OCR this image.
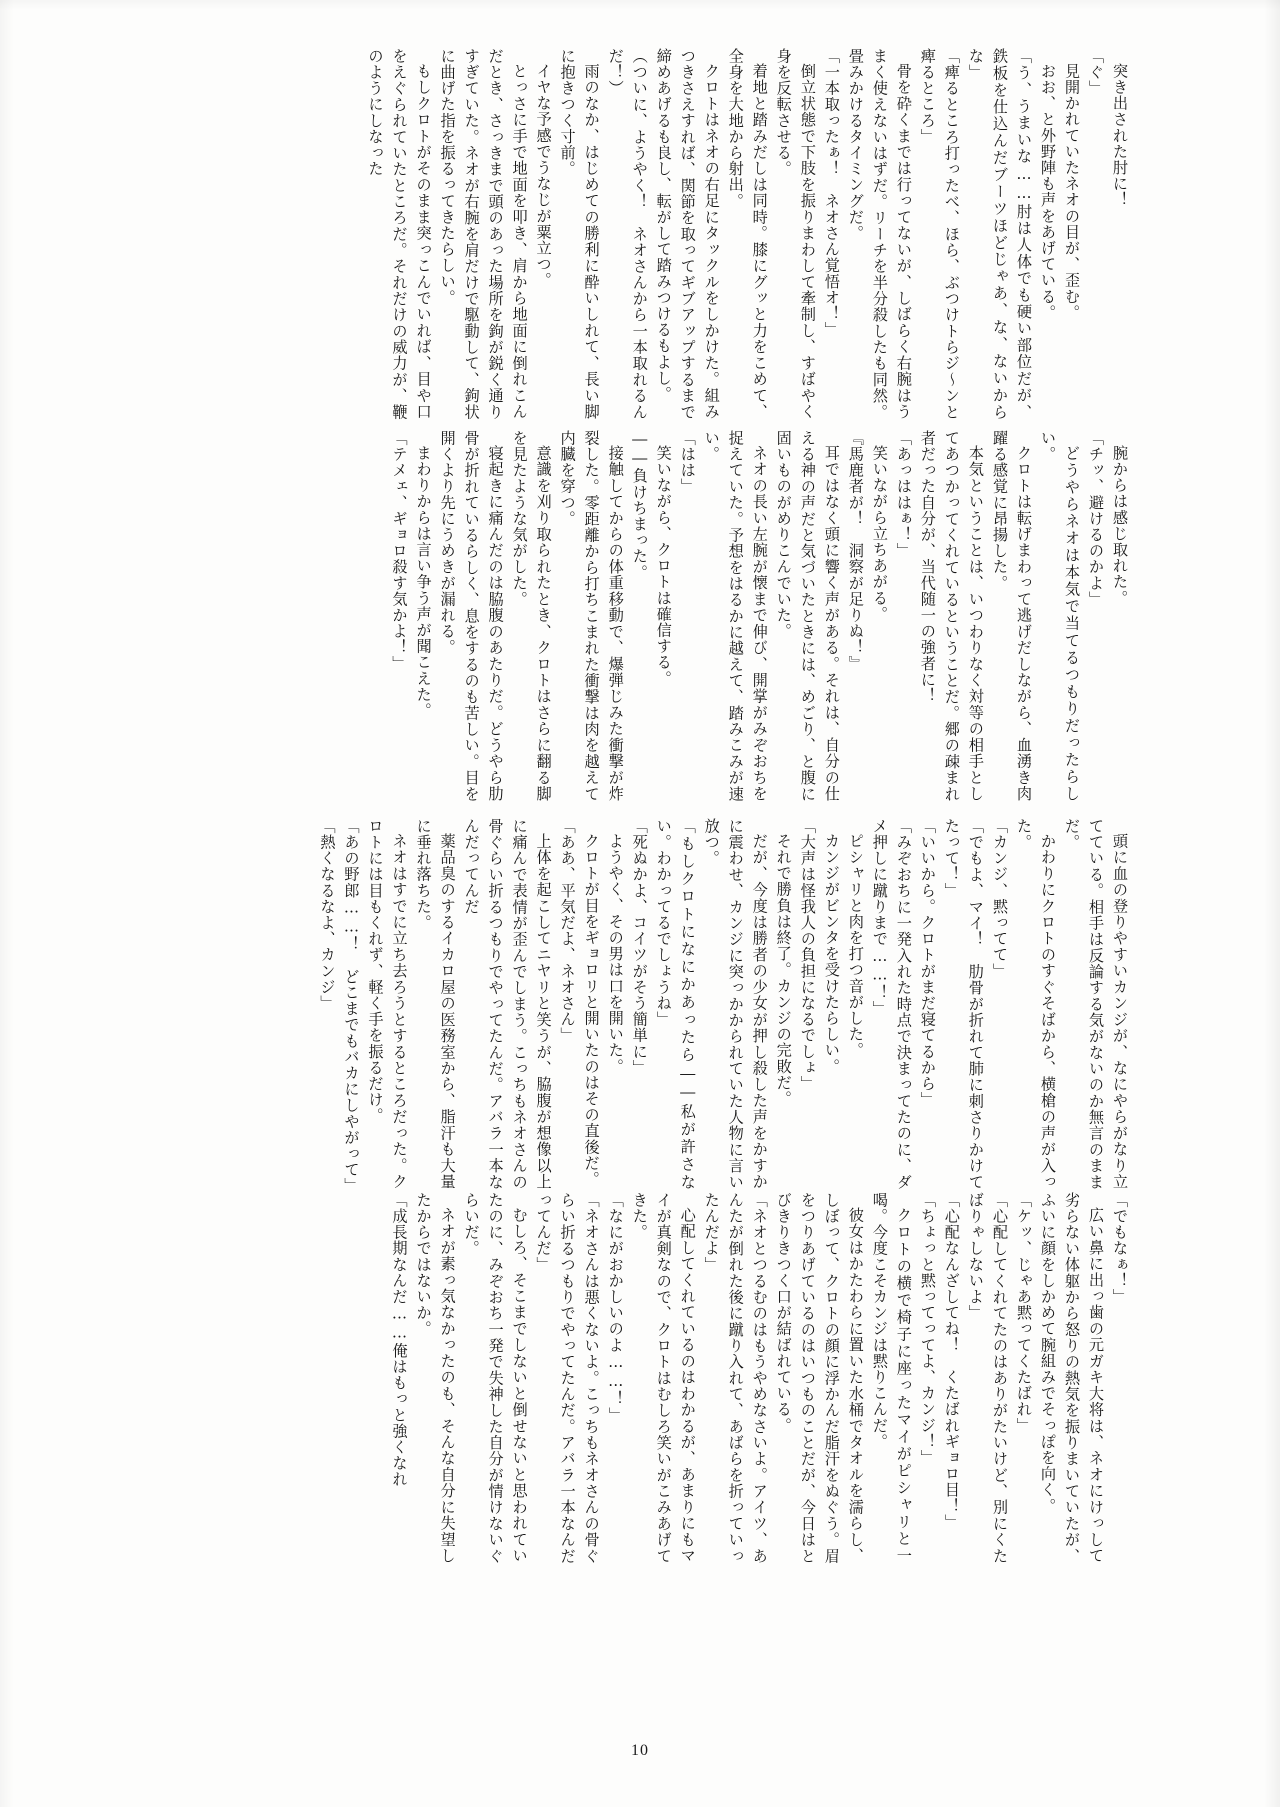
突き出された肘に！

「ぐ」

見開かれていたネオの目が、歪む。

おお、と外野陣も声をあげている。

「う、うまいな……肘は人体でも硬い部位だが、鉄板を仕込んだブーツほどじゃあ、な、ないからな」

「痺るところ打ったべ、ほら、ぶつけトらジ～ンと痺るところ」

骨を砕くまでは行ってないが、しばらく右腕はうまく使えないはずだ。リーチを半分殺したも同然。畳みかけるタイミングだ。

「一本取ったぁ！　ネオさん覚悟オ！」

倒立状態で下肢を振りまわして牽制し、すばやく身を反転させる。

着地と踏みだしは同時。膝にグッと力をこめて、全身を大地から射出。

クロトはネオの右足にタックルをしかけた。組みつきさえすれば、関節を取ってギブアップするまで締めあげるも良し、転がして踏みつけるもよし。

（ついに、ようやく！　ネオさんから一本取れるんだ！）

雨のなか、はじめての勝利に酔いしれて、長い脚に抱きつく寸前。

イヤな予感でうなじが粟立つ。

とっさに手で地面を叩き、肩から地面に倒れこんだとき、さっきまで頭のあった場所を鉤が鋭く通りすぎていた。ネオが右腕を肩だけで駆動して、鉤状に曲げた指を振るってきたらしい。

もしクロトがそのまま突っこんでいれば、目や口をえぐられていたところだ。それだけの威力が、鞭のようにしなった

腕からは感じ取れた。

「チッ、避けるのかよ」

どうやらネオは本気で当てるつもりだったらしい。

クロトは転げまわって逃げだしながら、血湧き肉躍る感覚に昂揚した。

本気ということは、いつわりなく対等の相手としてあつかってくれているということだ。郷の疎まれ者だった自分が、当代随一の強者に！

「あっははぁ！」

笑いながら立ちあがる。

『馬鹿者が！　洞察が足りぬ！』

耳ではなく頭に響く声がある。それは、自分の仕える神の声だと気づいたときには、めごり、と腹に固いものがめりこんでいた。

ネオの長い左腕が懐まで伸び、開掌がみぞおちを捉えていた。予想をはるかに越えて、踏みこみが速い。

「はは」

笑いながら、クロトは確信する。

――負けちまった。

接触してからの体重移動で、爆弾じみた衝撃が炸裂した。零距離から打ちこまれた衝撃は肉を越えて内臓を穿つ。

意識を刈り取られたとき、クロトはさらに翻る脚を見たような気がした。

寝起きに痛んだのは脇腹のあたりだ。どうやら肋骨が折れているらしく、息をするのも苦しい。目を開くより先にうめきが漏れる。

まわりからは言い争う声が聞こえた。

「テメェ、ギョロ殺す気かよ！」

頭に血の登りやすいカンジが、なにやらがなり立てている。相手は反論する気がないのか無言のままだ。

かわりにクロトのすぐそばから、横槍の声が入った。

「カンジ、黙ってて」

「でもよ、マイ！　肋骨が折れて肺に刺さりかけてたって！」

「いいから。クロトがまだ寝てるから」

「みぞおちに一発入れた時点で決まってたのに、ダメ押しに蹴りまで……！」

ピシャリと肉を打つ音がした。

カンジがビンタを受けたらしい。

「大声は怪我人の負担になるでしょ」

それで勝負は終了。カンジの完敗だ。

だが、今度は勝者の少女が押し殺した声をかすかに震わせ、カンジに突っかかられていた人物に言い放つ。

「もしクロトになにかあったら――私が許さない。わかってるでしょうね」

「死ぬかよ、コイツがそう簡単に」

ようやく、その男は口を開いた。

クロトが目をギョロリと開いたのはその直後だ。

「ああ、平気だよ、ネオさん」

上体を起こしてニヤリと笑うが、脇腹が想像以上に痛んで表情が歪んでしまう。こっちもネオさんの骨ぐらい折るつもりでやってたんだ。アバラ一本なんだってんだ

薬品臭のするイカロ屋の医務室から、脂汗も大量に垂れ落ちた。

ネオはすでに立ち去ろうとするところだった。クロトには目もくれず、軽く手を振るだけ。

「あの野郎……！　どこまでもバカにしやがって」

「熱くなるなよ、カンジ」

「でもなぁ！」

広い鼻に出っ歯の元ガキ大将は、ネオにけっして劣らない体躯から怒りの熱気を振りまいていたが、ふいに顔をしかめて腕組みでそっぽを向く。

「ケッ、じゃあ黙ってくたばれ」

「心配してくれてたのはありがたいけど、別にくたばりゃしないよ」

「心配なんざしてね！　くたばれギョロ目！」

「ちょっと黙ってってよ、カンジ！」

クロトの横で椅子に座ったマイがピシャリと一喝。今度こそカンジは黙りこんだ。

彼女はかたわらに置いた水桶でタオルを濡らし、しぼって、クロトの顔に浮かんだ脂汗をぬぐう。眉をつりあげているのはいつものことだが、今日はとびきりきつく口が結ばれている。

「ネオとつるむのはもうやめなさいよ。アイツ、あんたが倒れた後に蹴り入れて、あばらを折っていったんだよ」

心配してくれているのはわかるが、あまりにもマイが真剣なので、クロトはむしろ笑いがこみあげてきた。

「なにがおかしいのよ……！」

「ネオさんは悪くないよ。こっちもネオさんの骨ぐらい折るつもりでやってたんだ。アバラ一本なんだってんだ」

むしろ、そこまでしないと倒せないと思われていたのに、みぞおち一発で失神した自分が情けないぐらいだ。

ネオが素っ気なかったのも、そんな自分に失望したからではないか。

「成長期なんだ……俺はもっと強くなれ

10
